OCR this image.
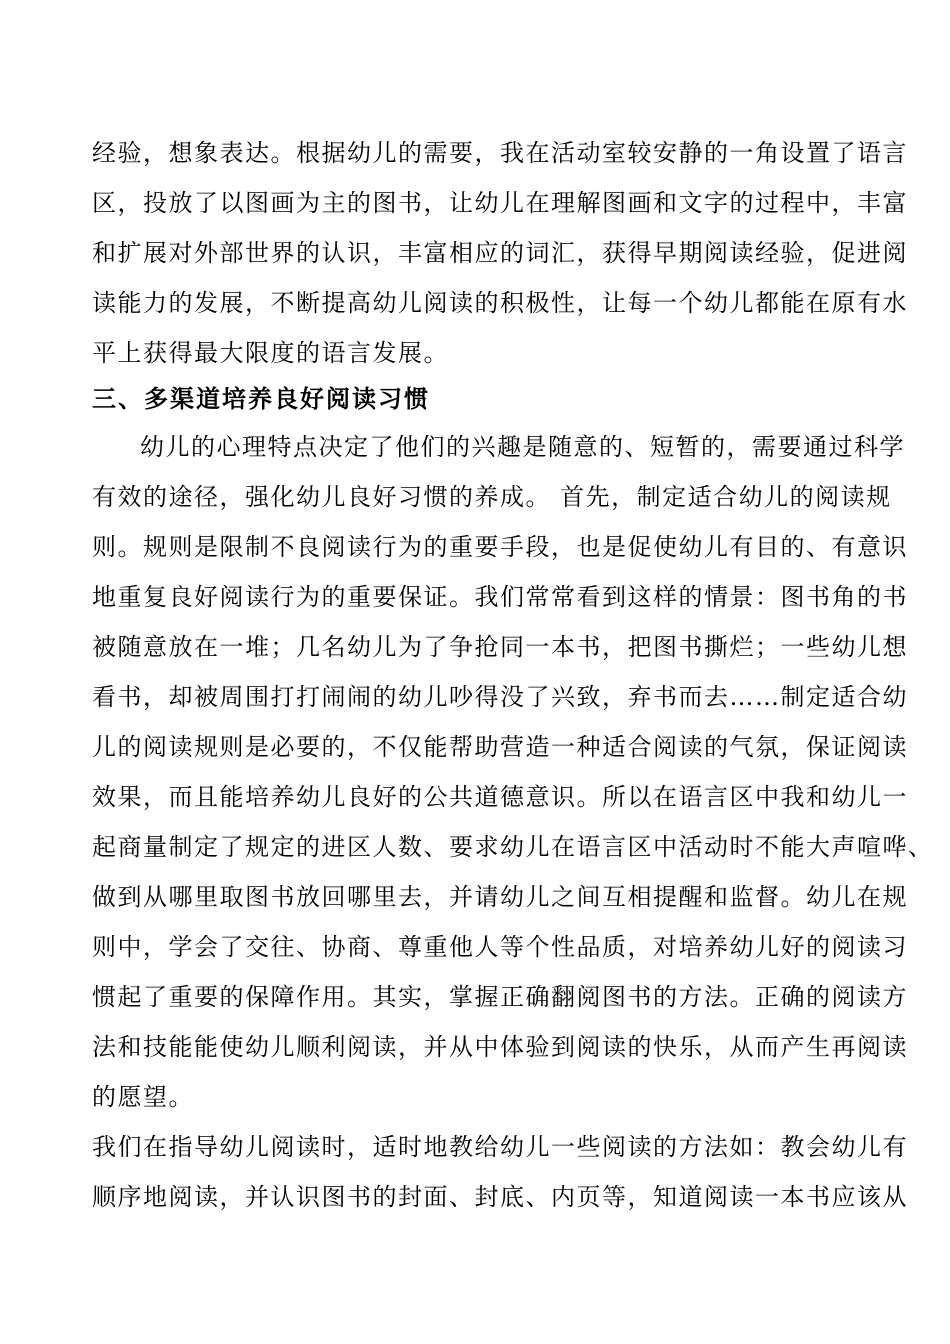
经验，想象表达。根据幼儿的需要，我在活动室较安静的一角设置了语言
区，投放了以图画为主的图书，让幼儿在理解图画和文字的过程中，丰富
和扩展对外部世界的认识，丰富相应的词汇，获得早期阅读经验，促进阅
读能力的发展，不断提高幼儿阅读的积极性，让每一个幼儿都能在原有水
平上获得最大限度的语言发展。
三、多渠道培养良好阅读习惯
幼儿的心理特点决定了他们的兴趣是随意的、短暂的，需要通过科学
有效的途径，强化幼儿良好习惯的养成。 首先，制定适合幼儿的阅读规
则。规则是限制不良阅读行为的重要手段，也是促使幼儿有目的、有意识
地重复良好阅读行为的重要保证。我们常常看到这样的情景：图书角的书
被随意放在一堆；几名幼儿为了争抢同一本书，把图书撕烂；一些幼儿想
看书，却被周围打打闹闹的幼儿吵得没了兴致，弃书而去……制定适合幼
儿的阅读规则是必要的，不仅能帮助营造一种适合阅读的气氛，保证阅读
效果，而且能培养幼儿良好的公共道德意识。所以在语言区中我和幼儿一
起商量制定了规定的进区人数、要求幼儿在语言区中活动时不能大声喧哗、
做到从哪里取图书放回哪里去，并请幼儿之间互相提醒和监督。幼儿在规
则中，学会了交往、协商、尊重他人等个性品质，对培养幼儿好的阅读习
惯起了重要的保障作用。其实，掌握正确翻阅图书的方法。正确的阅读方
法和技能能使幼儿顺利阅读，并从中体验到阅读的快乐，从而产生再阅读
的愿望。
我们在指导幼儿阅读时，适时地教给幼儿一些阅读的方法如：教会幼儿有
顺序地阅读，并认识图书的封面、封底、内页等，知道阅读一本书应该从
